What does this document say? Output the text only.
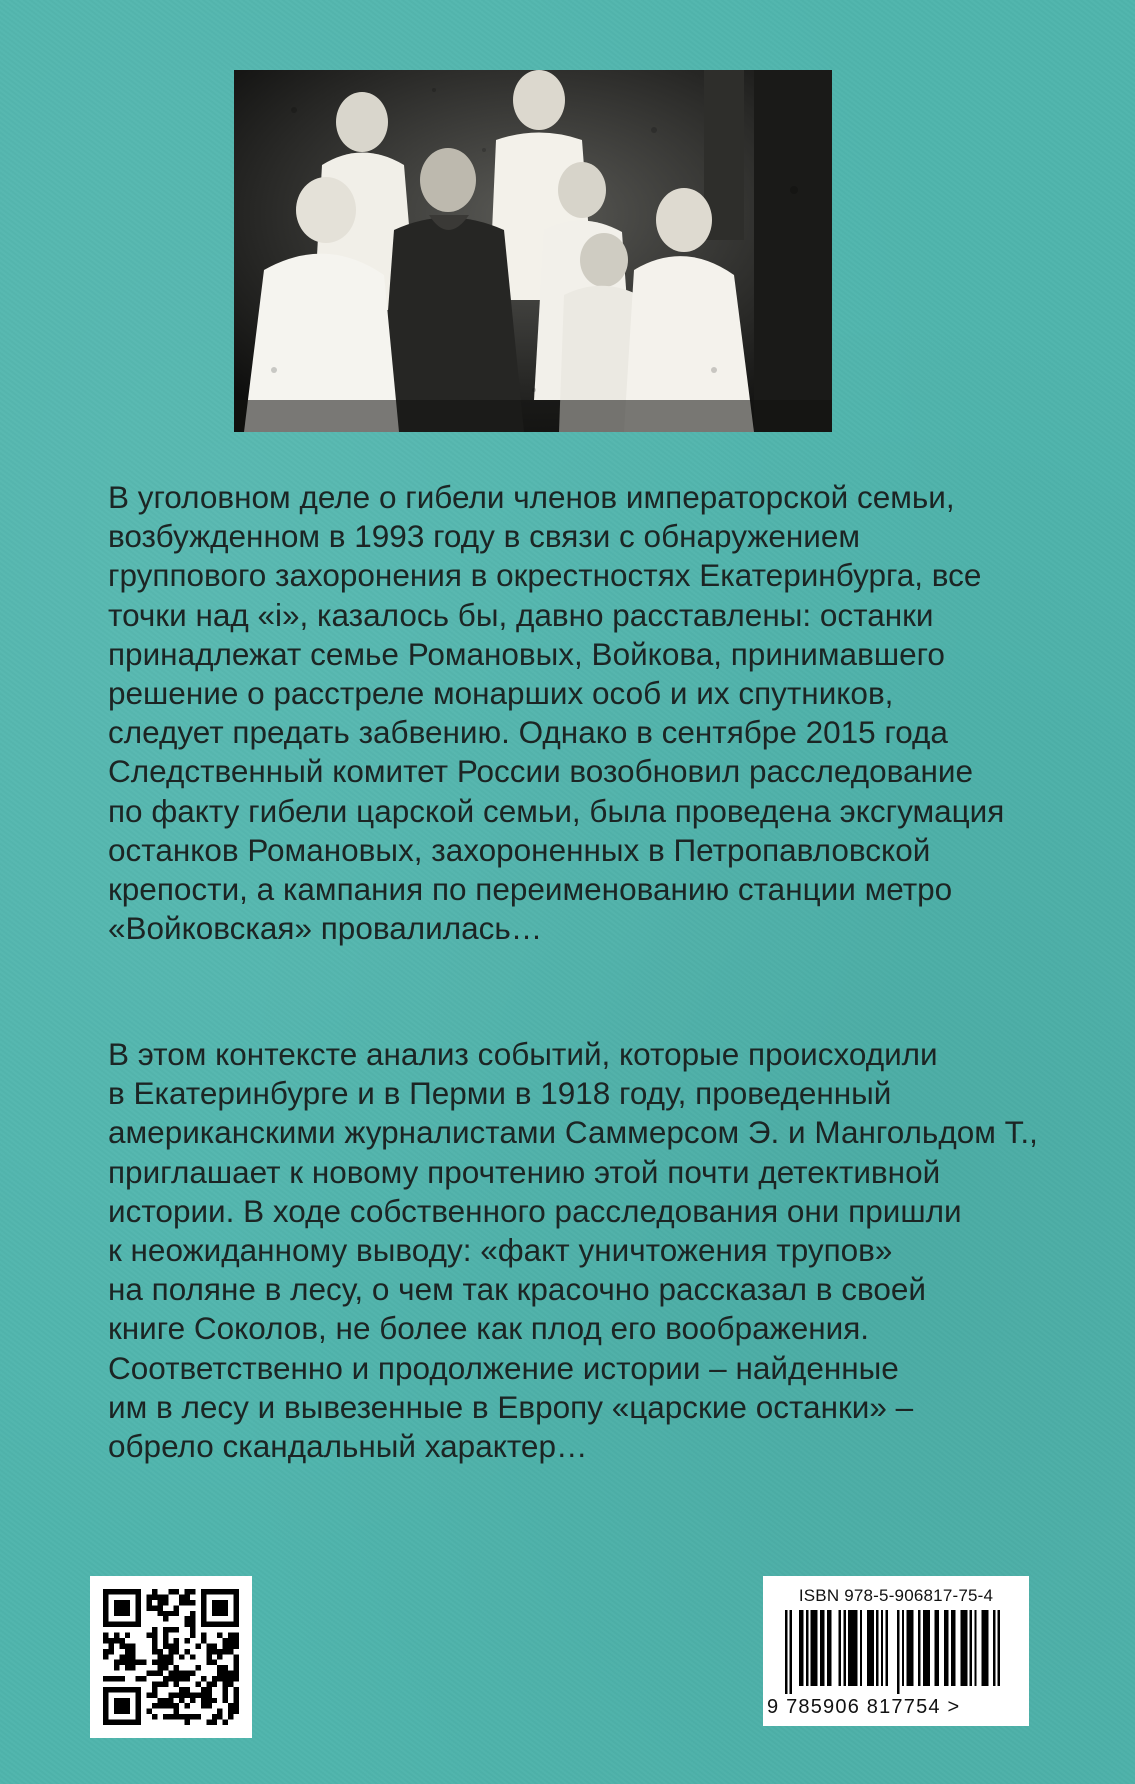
В уголовном деле о гибели членов императорской семьи,
возбужденном в 1993 году в связи с обнаружением
группового захоронения в окрестностях Екатеринбурга, все
точки над «i», казалось бы, давно расставлены: останки
принадлежат семье Романовых, Войкова, принимавшего
решение о расстреле монарших особ и их спутников,
следует предать забвению. Однако в сентябре 2015 года
Следственный комитет России возобновил расследование
по факту гибели царской семьи, была проведена эксгумация
останков Романовых, захороненных в Петропавловской
крепости, а кампания по переименованию станции метро
«Войковская» провалилась…
В этом контексте анализ событий, которые происходили
в Екатеринбурге и в Перми в 1918 году, проведенный
американскими журналистами Саммерсом Э. и Мангольдом Т.,
приглашает к новому прочтению этой почти детективной
истории. В ходе собственного расследования они пришли
к неожиданному выводу: «факт уничтожения трупов»
на поляне в лесу, о чем так красочно рассказал в своей
книге Соколов, не более как плод его воображения.
Соответственно и продолжение истории – найденные
им в лесу и вывезенные в Европу «царские останки» –
обрело скандальный характер…
ISBN 978-5-906817-75-4
9 785906 817754 >
